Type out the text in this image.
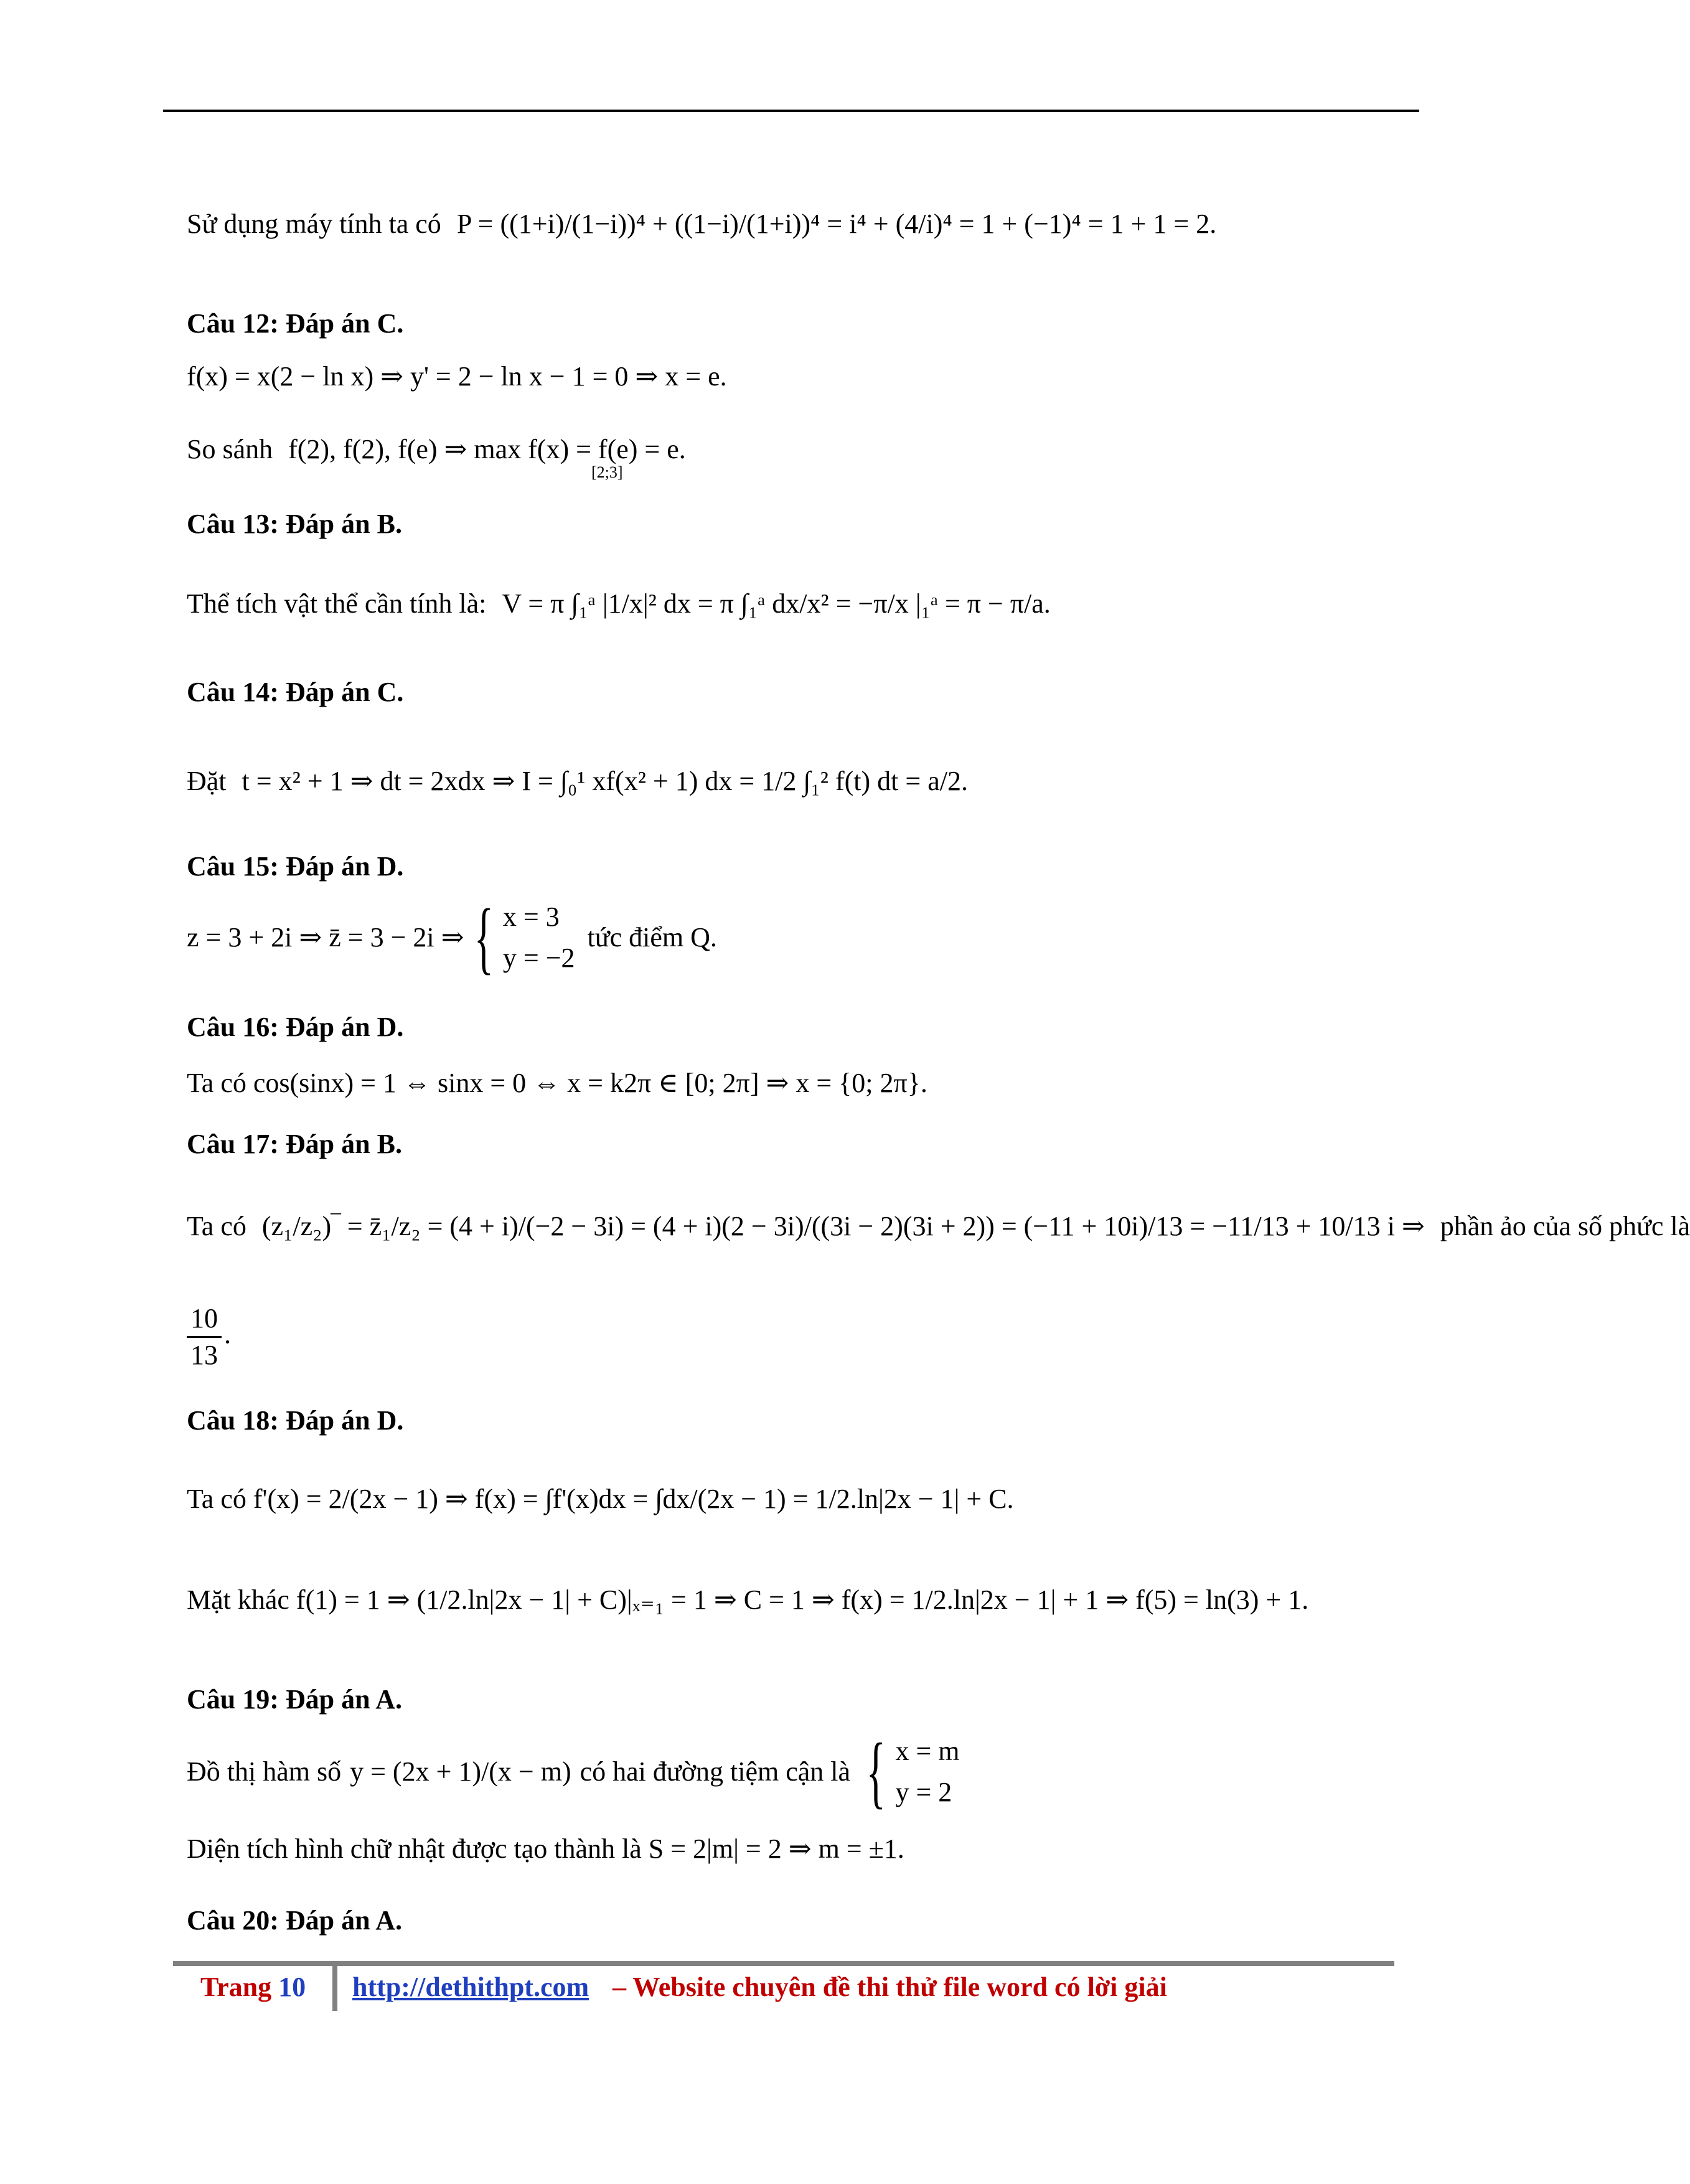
Sử dụng máy tính ta có P = ((1+i)/(1−i))⁴ + ((1−i)/(1+i))⁴ = i⁴ + (4/i)⁴ = 1 + (−1)⁴ = 1 + 1 = 2.
Câu 12: Đáp án C.
f(x) = x(2 − ln x) ⇒ y' = 2 − ln x − 1 = 0 ⇒ x = e.
So sánh f(2), f(2), f(e) ⇒ max f(x) = f(e) = e.
[2;3]
Câu 13: Đáp án B.
Thể tích vật thể cần tính là: V = π ∫₁ᵃ |1/x|² dx = π ∫₁ᵃ dx/x² = −π/x |₁ᵃ = π − π/a.
Câu 14: Đáp án C.
Đặt t = x² + 1 ⇒ dt = 2xdx ⇒ I = ∫₀¹ xf(x² + 1) dx = 1/2 ∫₁² f(t) dt = a/2.
Câu 15: Đáp án D.
z = 3 + 2i ⇒ z̄ = 3 − 2i ⇒ { x = 3
y = −2
tức điểm Q.
Câu 16: Đáp án D.
Ta có cos(sinx) = 1 ⇔ sinx = 0 ⇔ x = k2π ∈ [0; 2π] ⇒ x = {0; 2π}.
Câu 17: Đáp án B.
Ta có (z₁/z₂)‾ = z̄₁/z₂ = (4 + i)/(−2 − 3i) = (4 + i)(2 − 3i)/((3i − 2)(3i + 2)) = (−11 + 10i)/13 = −11/13 + 10/13 i ⇒ phần ảo của số phức là
$\frac{10}{13}$ .
Câu 18: Đáp án D.
Ta có f'(x) = 2/(2x − 1) ⇒ f(x) = ∫f'(x)dx = ∫dx/(2x − 1) = 1/2.ln|2x − 1| + C.
Mặt khác f(1) = 1 ⇒ (1/2.ln|2x − 1| + C)|ₓ₌₁ = 1 ⇒ C = 1 ⇒ f(x) = 1/2.ln|2x − 1| + 1 ⇒ f(5) = ln(3) + 1.
Câu 19: Đáp án A.
Đồ thị hàm số y = (2x + 1)/(x − m) có hai đường tiệm cận là { x = m
y = 2
Diện tích hình chữ nhật được tạo thành là S = 2|m| = 2 ⇒ m = ±1.
Câu 20: Đáp án A.
Trang 10 http://dethithpt.com – Website chuyên đề thi thử file word có lời giải
